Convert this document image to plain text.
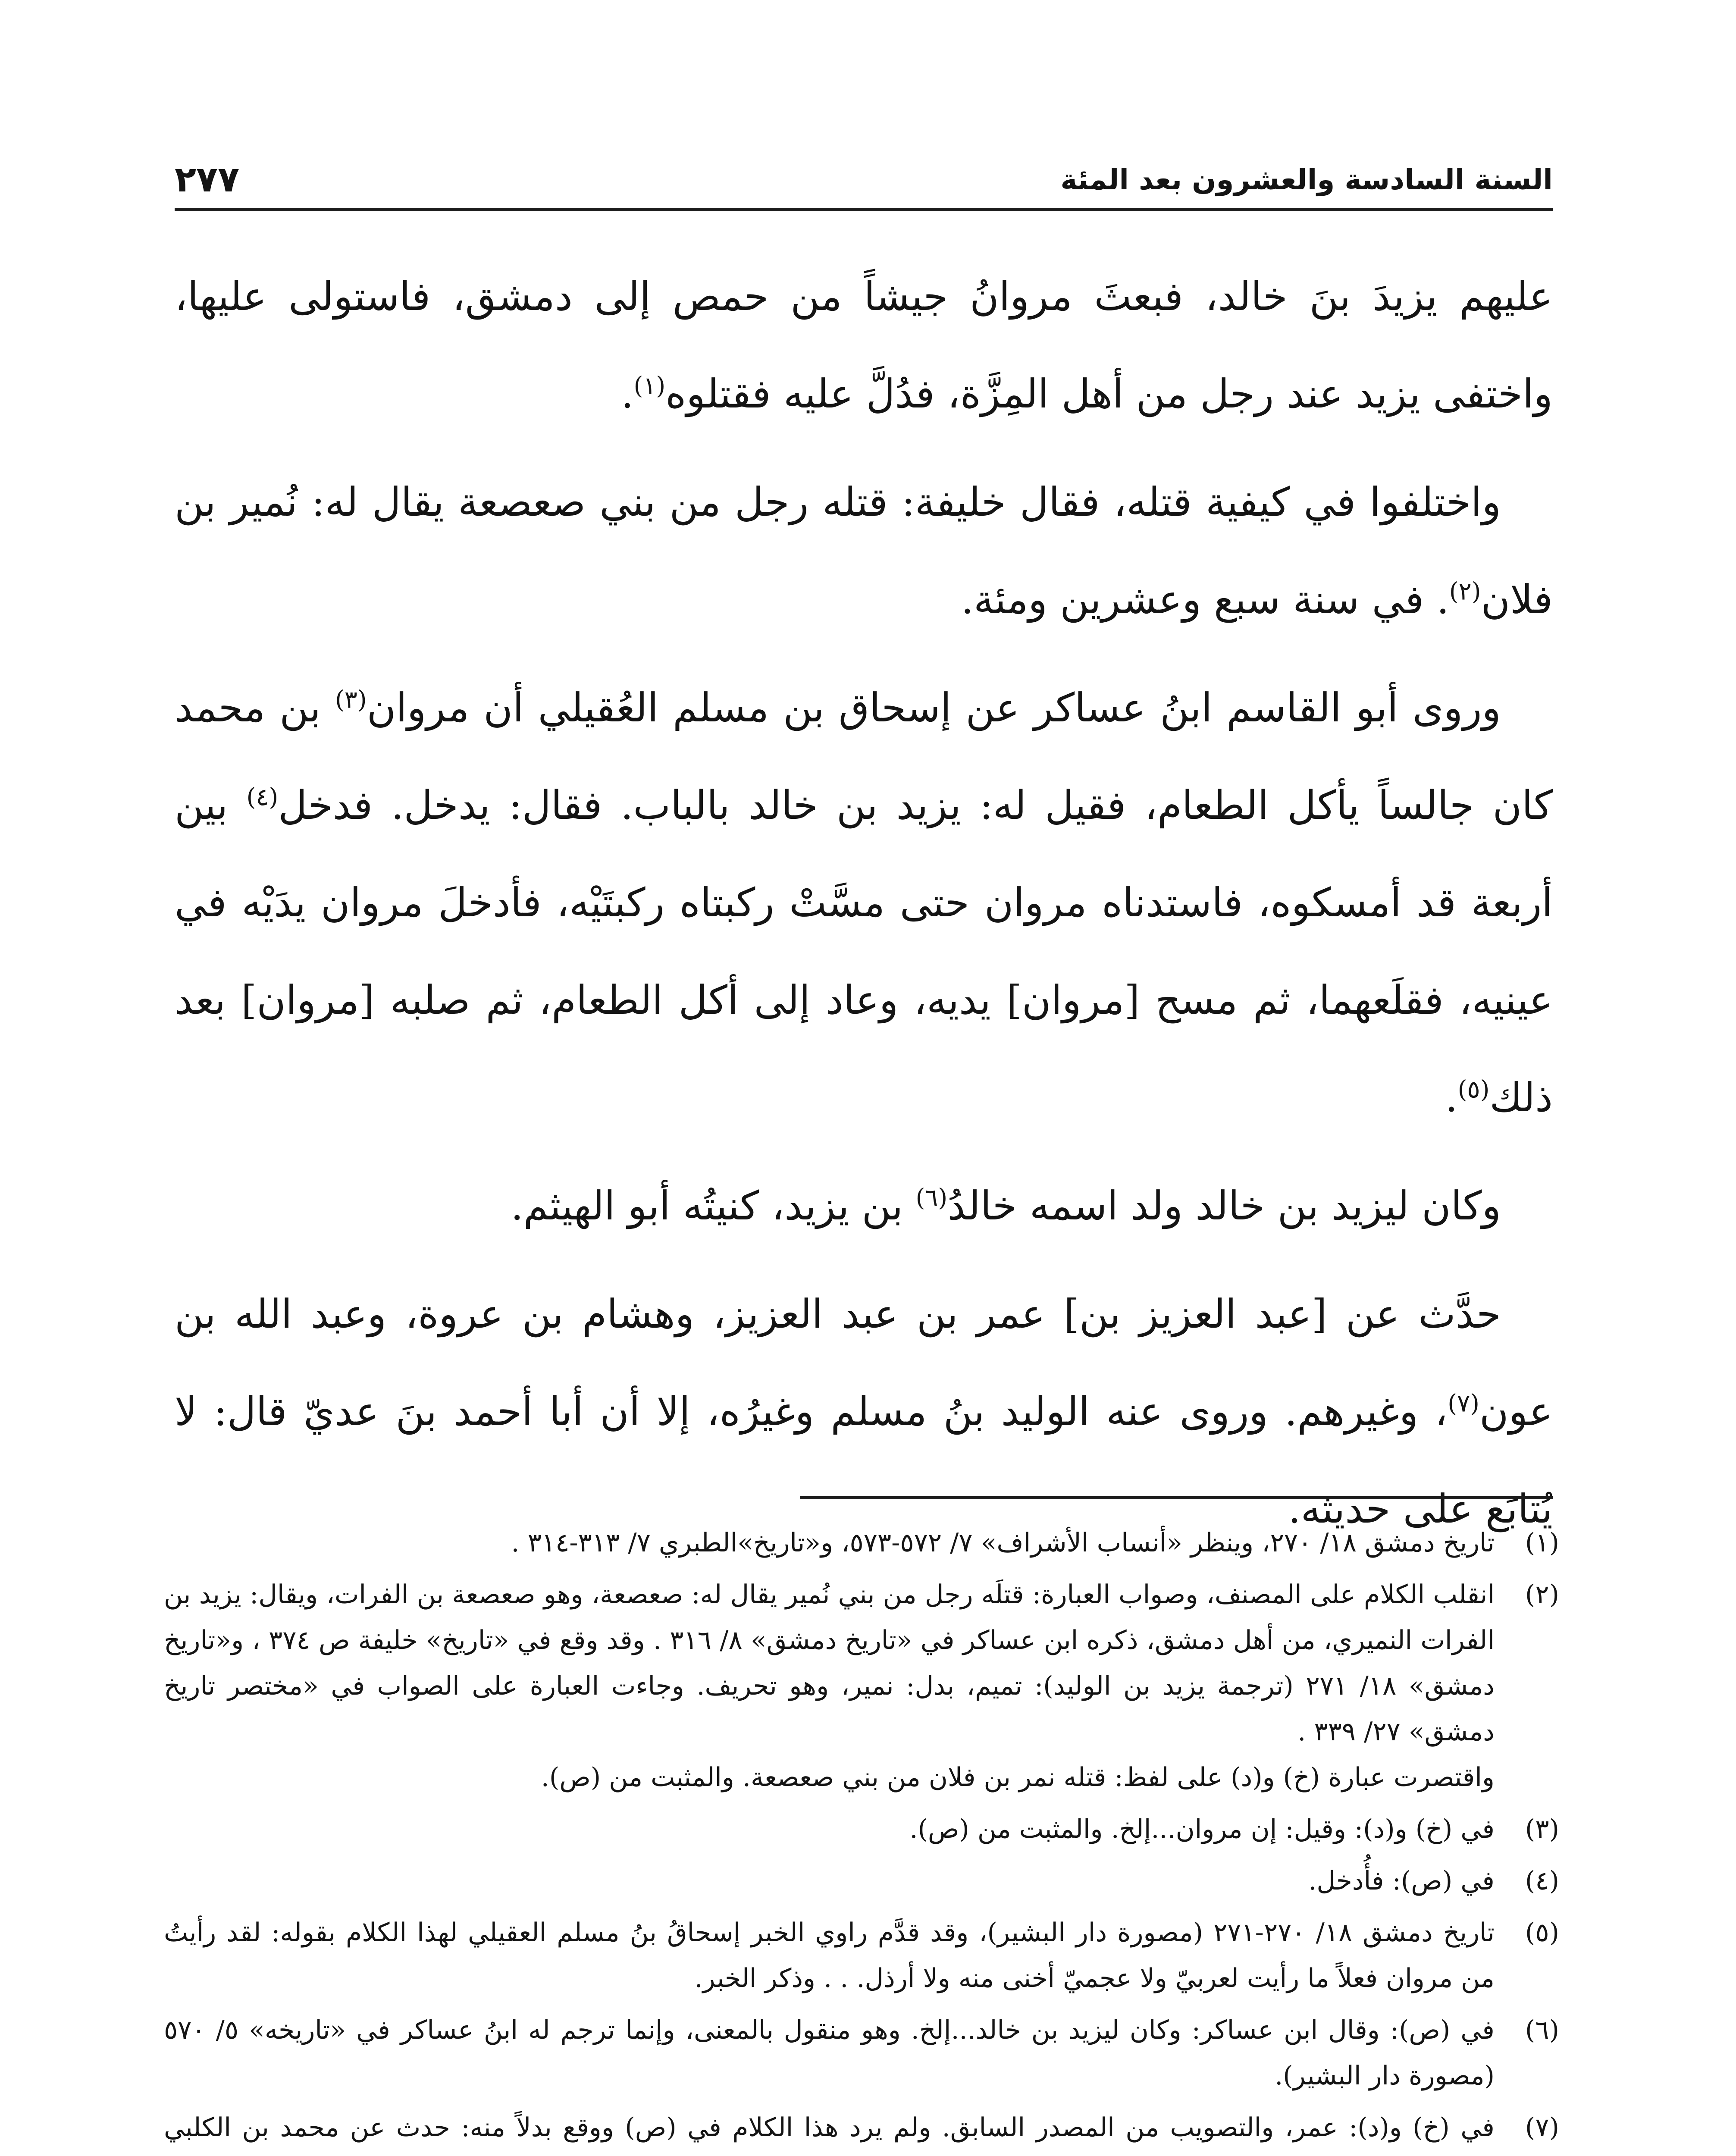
السنة السادسة والعشرون بعد المئة
٢٧٧

عليهم يزيدَ بنَ خالد، فبعثَ مروانُ جيشاً من حمص إلى دمشق، فاستولى عليها، واختفى يزيد عند رجل من أهل المِزَّة، فدُلَّ عليه فقتلوه$^{(١)}$.

واختلفوا في كيفية قتله، فقال خليفة: قتله رجل من بني صعصعة يقال له: نُمير بن فلان$^{(٢)}$. في سنة سبع وعشرين ومئة.

وروى أبو القاسم ابنُ عساكر عن إسحاق بن مسلم العُقيلي أن مروان$^{(٣)}$ بن محمد كان جالساً يأكل الطعام، فقيل له: يزيد بن خالد بالباب. فقال: يدخل. فدخل$^{(٤)}$ بين أربعة قد أمسكوه، فاستدناه مروان حتى مسَّتْ ركبتاه ركبتَيْه، فأدخلَ مروان يدَيْه في عينيه، فقلَعهما، ثم مسح [مروان] يديه، وعاد إلى أكل الطعام، ثم صلبه [مروان] بعد ذلك$^{(٥)}$.

وكان ليزيد بن خالد ولد اسمه خالدُ$^{(٦)}$ بن يزيد، كنيتُه أبو الهيثم.

حدَّث عن [عبد العزيز بن] عمر بن عبد العزيز، وهشام بن عروة، وعبد الله بن عون$^{(٧)}$، وغيرهم. وروى عنه الوليد بنُ مسلم وغيرُه، إلا أن أبا أحمد بنَ عديّ قال: لا يُتابَع على حديثه.

(١)

تاريخ دمشق ١٨/ ٢٧٠، وينظر «أنساب الأشراف» ٧/ ٥٧٢-٥٧٣، و«تاريخ»الطبري ٧/ ٣١٣-٣١٤ .

(٢)

انقلب الكلام على المصنف، وصواب العبارة: قتلَه رجل من بني نُمير يقال له: صعصعة، وهو صعصعة بن الفرات، ويقال: يزيد بن الفرات النميري، من أهل دمشق، ذكره ابن عساكر في «تاريخ دمشق» ٨/ ٣١٦ . وقد وقع في «تاريخ» خليفة ص ٣٧٤ ، و«تاريخ دمشق» ١٨/ ٢٧١ (ترجمة يزيد بن الوليد): تميم، بدل: نمير، وهو تحريف. وجاءت العبارة على الصواب في «مختصر تاريخ دمشق» ٢٧/ ٣٣٩ .

واقتصرت عبارة (خ) و(د) على لفظ: قتله نمر بن فلان من بني صعصعة. والمثبت من (ص).

(٣)

في (خ) و(د): وقيل: إن مروان...إلخ. والمثبت من (ص).

(٤)

في (ص): فأُدخل.

(٥)

تاريخ دمشق ١٨/ ٢٧٠-٢٧١ (مصورة دار البشير)، وقد قدَّم راوي الخبر إسحاقُ بنُ مسلم العقيلي لهذا الكلام بقوله: لقد رأيتُ من مروان فعلاً ما رأيت لعربيّ ولا عجميّ أخنى منه ولا أرذل. . . وذكر الخبر.

(٦)

في (ص): وقال ابن عساكر: وكان ليزيد بن خالد...إلخ. وهو منقول بالمعنى، وإنما ترجم له ابنُ عساكر في «تاريخه» ٥/ ٥٧٠ (مصورة دار البشير).

(٧)

في (خ) و(د): عمر، والتصويب من المصدر السابق. ولم يرد هذا الكلام في (ص) ووقع بدلاً منه: حدث عن محمد بن الكلبي
